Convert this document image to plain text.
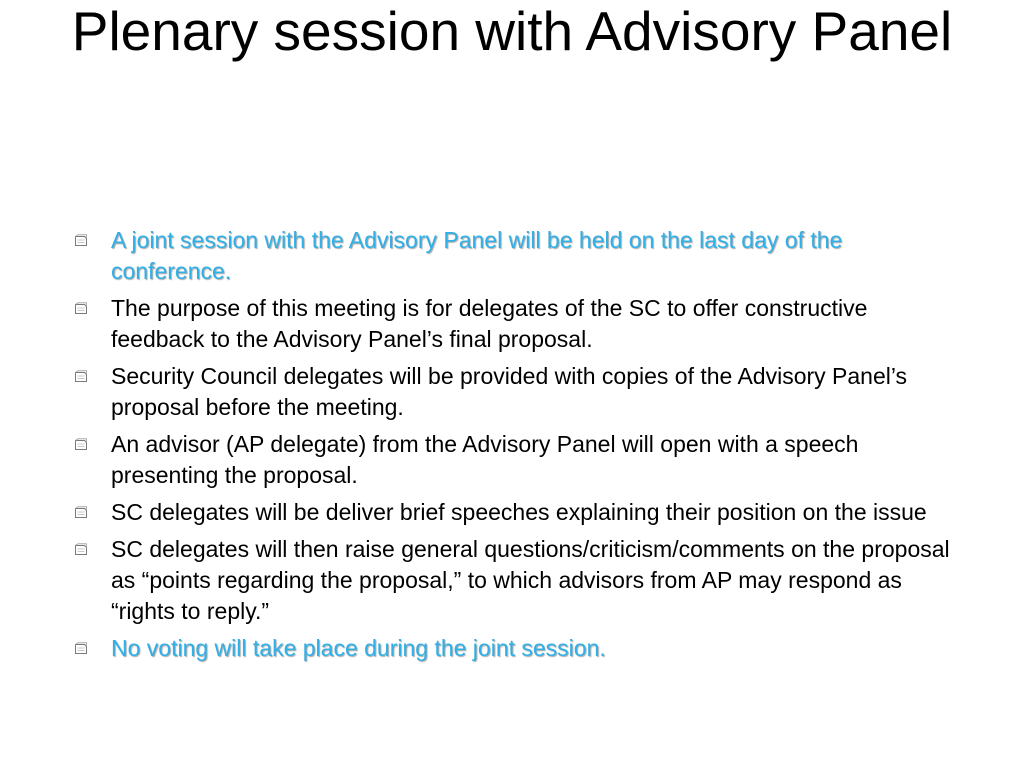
Plenary session with Advisory Panel
A joint session with the Advisory Panel will be held on the last day of the conference.
The purpose of this meeting is for delegates of the SC to offer constructive feedback to the Advisory Panel’s final proposal.
Security Council delegates will be provided with copies of the Advisory Panel’s proposal before the meeting.
An advisor (AP delegate) from the Advisory Panel will open with a speech presenting the proposal.
SC delegates will be deliver brief speeches explaining their position on the issue
SC delegates will then raise general questions/criticism/comments on the proposal as “points regarding the proposal,” to which advisors from AP may respond as “rights to reply.”
No voting will take place during the joint session.
